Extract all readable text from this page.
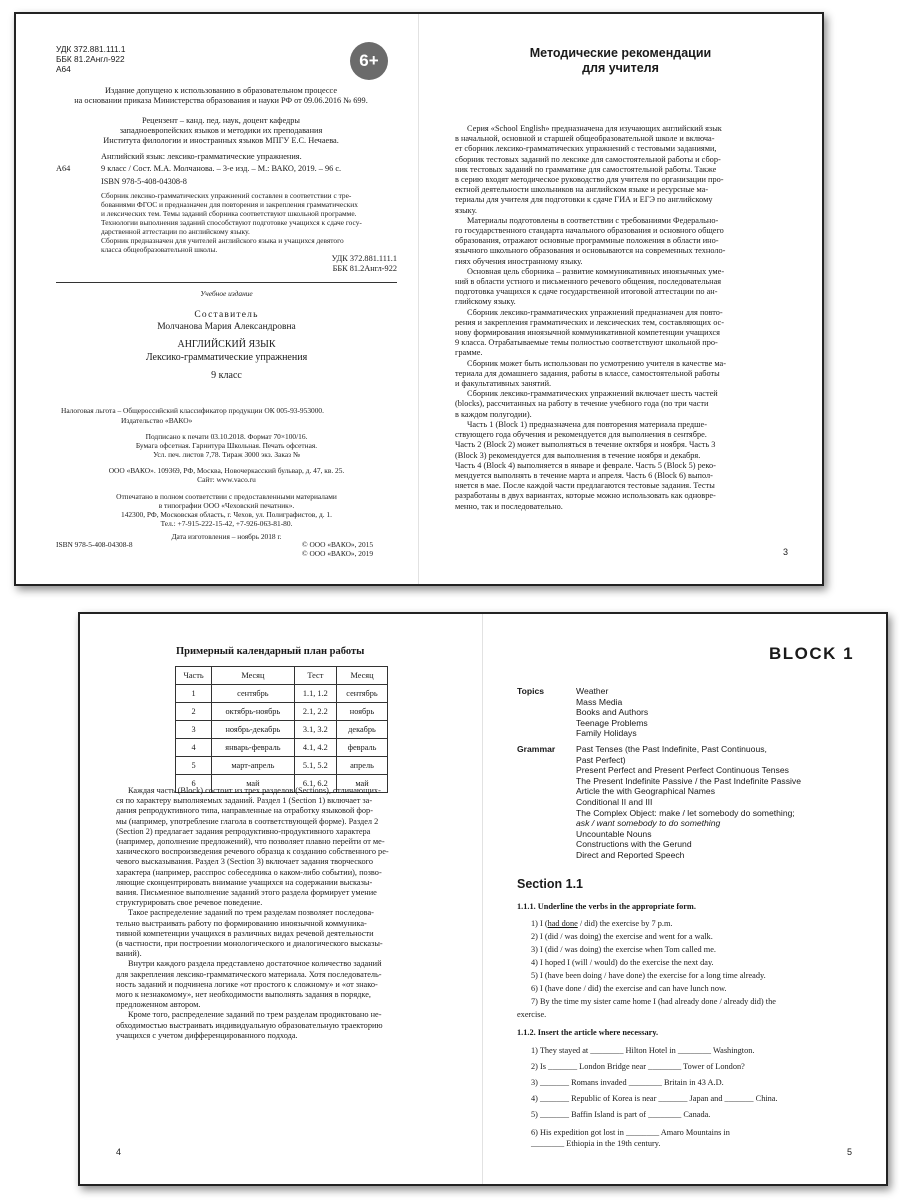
УДК 372.881.111.1
ББК 81.2Англ-922
А64	6+
Издание допущено к использованию в образовательном процессе
на основании приказа Министерства образования и науки РФ от 09.06.2016 № 699.
Рецензент – канд. пед. наук, доцент кафедры
западноевропейских языков и методики их преподавания
Института филологии и иностранных языков МПГУ Е.С. Нечаева.
Английский язык: лексико-грамматические упражнения.
А64	9 класс / Сост. М.А. Молчанова. – 3-е изд. – М.: ВАКО, 2019. – 96 с.
ISBN 978-5-408-04308-8
Сборник лексико-грамматических упражнений составлен в соответствии с тре-
бованиями ФГОС и предназначен для повторения и закрепления грамматических
и лексических тем. Темы заданий сборника соответствуют школьной программе.
Технологии выполнения заданий способствуют подготовке учащихся к сдаче госу-
дарственной аттестации по английскому языку.
Сборник предназначен для учителей английского языка и учащихся девятого
класса общеобразовательной школы.
УДК 372.881.111.1
ББК 81.2Англ-922
Учебное издание
Составитель
Молчанова Мария Александровна
АНГЛИЙСКИЙ ЯЗЫК
Лексико-грамматические упражнения
9 класс
Налоговая льгота – Общероссийский классификатор продукции ОК 005-93-953000.
Издательство «ВАКО»
Подписано к печати 03.10.2018. Формат 70×100/16.
Бумага офсетная. Гарнитура Школьная. Печать офсетная.
Усл. печ. листов 7,78. Тираж 3000 экз. Заказ №
ООО «ВАКО». 109369, РФ, Москва, Новочеркасский бульвар, д. 47, кв. 25.
Сайт: www.vaco.ru
Отпечатано в полном соответствии с предоставленными материалами
в типографии ООО «Чеховский печатник».
142300, РФ, Московская область, г. Чехов, ул. Полиграфистов, д. 1.
Тел.: +7-915-222-15-42, +7-926-063-81-80.
Дата изготовления – ноябрь 2018 г.
ISBN 978-5-408-04308-8	© ООО «ВАКО», 2015
© ООО «ВАКО», 2019
Методические рекомендации
для учителя
Серия «School English» предназначена для изучающих английский язык
в начальной, основной и старшей общеобразовательной школе и включа-
ет сборник лексико-грамматических упражнений с тестовыми заданиями,
сборник тестовых заданий по лексике для самостоятельной работы и сбор-
ник тестовых заданий по грамматике для самостоятельной работы. Также
в серию входят методическое руководство для учителя по организации про-
ектной деятельности школьников на английском языке и ресурсные ма-
териалы для учителя для подготовки к сдаче ГИА и ЕГЭ по английскому
языку.
Материалы подготовлены в соответствии с требованиями Федерально-
го государственного стандарта начального образования и основного общего
образования, отражают основные программные положения в области ино-
язычного школьного образования и основываются на современных техноло-
гиях обучения иностранному языку.
Основная цель сборника – развитие коммуникативных иноязычных уме-
ний в области устного и письменного речевого общения, последовательная
подготовка учащихся к сдаче государственной итоговой аттестации по ан-
глийскому языку.
Сборник лексико-грамматических упражнений предназначен для повто-
рения и закрепления грамматических и лексических тем, составляющих ос-
нову формирования иноязычной коммуникативной компетенции учащихся
9 класса. Отрабатываемые темы полностью соответствуют школьной про-
грамме.
Сборник может быть использован по усмотрению учителя в качестве ма-
териала для домашнего задания, работы в классе, самостоятельной работы
и факультативных занятий.
Сборник лексико-грамматических упражнений включает шесть частей
(blocks), рассчитанных на работу в течение учебного года (по три части
в каждом полугодии).
Часть 1 (Block 1) предназначена для повторения материала предше-
ствующего года обучения и рекомендуется для выполнения в сентябре.
Часть 2 (Block 2) может выполняться в течение октября и ноября. Часть 3
(Block 3) рекомендуется для выполнения в течение ноября и декабря.
Часть 4 (Block 4) выполняется в январе и феврале. Часть 5 (Block 5) реко-
мендуется выполнять в течение марта и апреля. Часть 6 (Block 6) выпол-
няется в мае. После каждой части предлагаются тестовые задания. Тесты
разработаны в двух вариантах, которые можно использовать как одновре-
менно, так и последовательно.
3
Примерный календарный план работы
Часть	Месяц	Тест	Месяц
1	сентябрь	1.1, 1.2	сентябрь
2	октябрь-ноябрь	2.1, 2.2	ноябрь
3	ноябрь-декабрь	3.1, 3.2	декабрь
4	январь-февраль	4.1, 4.2	февраль
5	март-апрель	5.1, 5.2	апрель
6	май	6.1, 6.2	май
Каждая часть (Block) состоит из трех разделов (Sections), отличающих-
ся по характеру выполняемых заданий. Раздел 1 (Section 1) включает за-
дания репродуктивного типа, направленные на отработку языковой фор-
мы (например, употребление глагола в соответствующей форме). Раздел 2
(Section 2) предлагает задания репродуктивно-продуктивного характера
(например, дополнение предложений), что позволяет плавно перейти от ме-
ханического воспроизведения речевого образца к созданию собственного ре-
чевого высказывания. Раздел 3 (Section 3) включает задания творческого
характера (например, расспрос собеседника о каком-либо событии), позво-
ляющие сконцентрировать внимание учащихся на содержании высказы-
вания. Письменное выполнение заданий этого раздела формирует умение
структурировать свое речевое поведение.
Такое распределение заданий по трем разделам позволяет последова-
тельно выстраивать работу по формированию иноязычной коммуника-
тивной компетенции учащихся в различных видах речевой деятельности
(в частности, при построении монологического и диалогического высказы-
ваний).
Внутри каждого раздела представлено достаточное количество заданий
для закрепления лексико-грамматического материала. Хотя последователь-
ность заданий и подчинена логике «от простого к сложному» и «от знако-
мого к незнакомому», нет необходимости выполнять задания в порядке,
предложенном автором.
Кроме того, распределение заданий по трем разделам продиктовано не-
обходимостью выстраивать индивидуальную образовательную траекторию
учащихся с учетом дифференцированного подхода.
4
BLOCK 1
Topics	Weather
Mass Media
Books and Authors
Teenage Problems
Family Holidays
Grammar Past Tenses (the Past Indefinite, Past Continuous,
Past Perfect)
Present Perfect and Present Perfect Continuous Tenses
The Present Indefinite Passive / the Past Indefinite Passive
Article the with Geographical Names
Conditional II and III
The Complex Object: make / let somebody do something;
ask / want somebody to do something
Uncountable Nouns
Constructions with the Gerund
Direct and Reported Speech
Section 1.1
1.1.1. Underline the verbs in the appropriate form.
1) I (had done / did) the exercise by 7 p.m.
2) I (did / was doing) the exercise and went for a walk.
3) I (did / was doing) the exercise when Tom called me.
4) I hoped I (will / would) do the exercise the next day.
5) I (have been doing / have done) the exercise for a long time already.
6) I (have done / did) the exercise and can have lunch now.
7) By the time my sister came home I (had already done / already did) the
exercise.
1.1.2. Insert the article where necessary.
1) They stayed at ________ Hilton Hotel in ________ Washington.
2) Is _______ London Bridge near ________ Tower of London?
3) _______ Romans invaded ________ Britain in 43 A.D.
4) _______ Republic of Korea is near _______ Japan and _______ China.
5) _______ Baffin Island is part of ________ Canada.
6) His expedition got lost in ________ Amaro Mountains in
________ Ethiopia in the 19th century.
5
